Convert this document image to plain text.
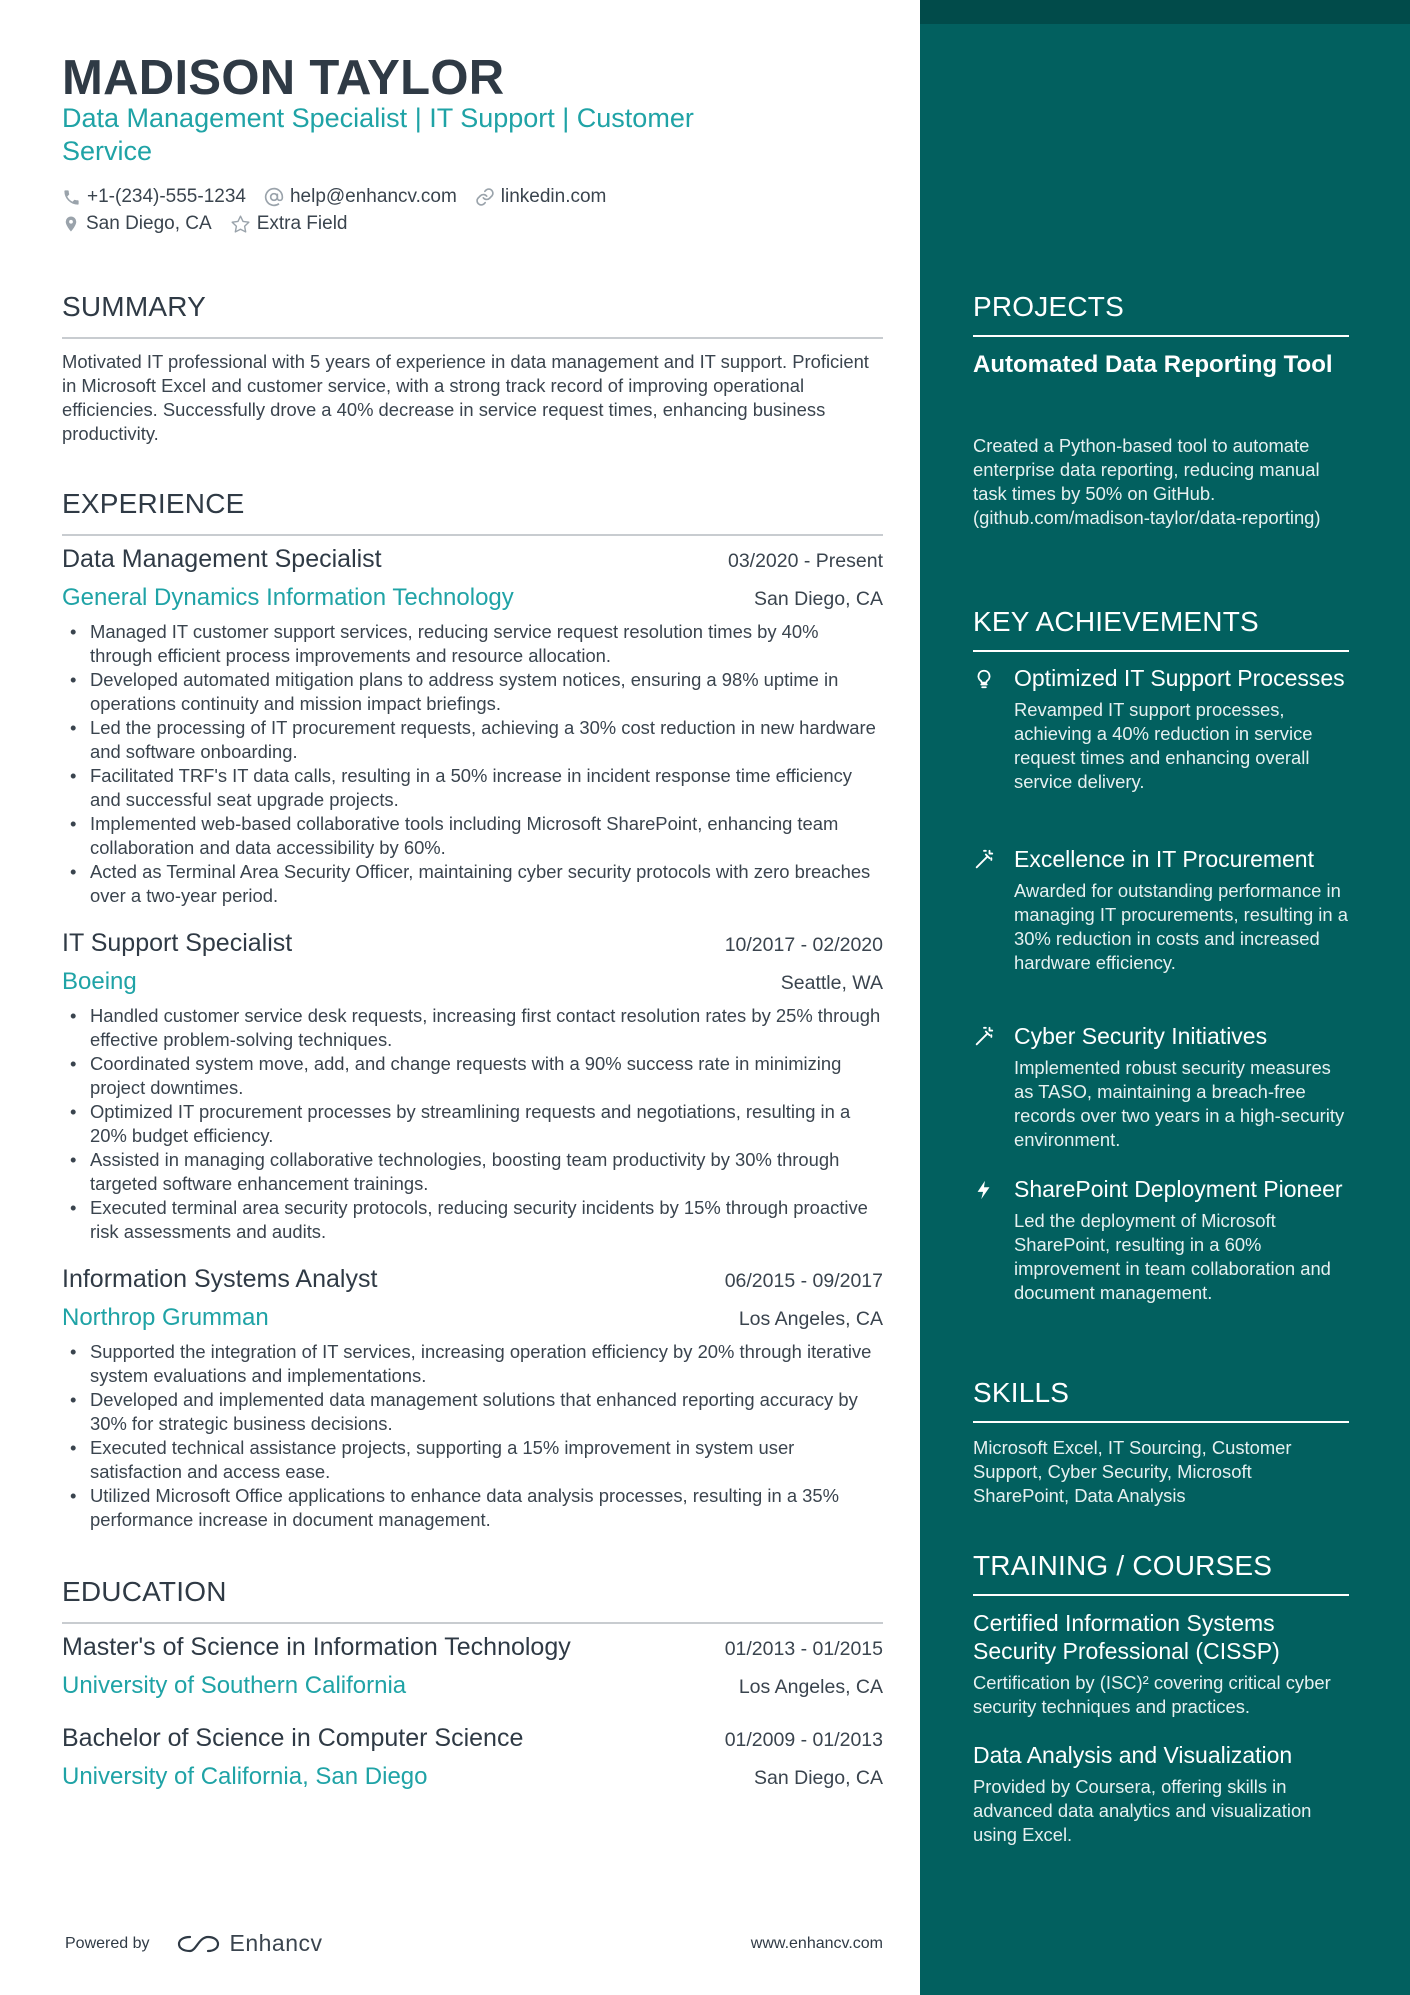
PROJECTS
Automated Data Reporting Tool
Created a Python-based tool to automate enterprise data reporting, reducing manual task times by 50% on GitHub. (github.com/madison-taylor/data-reporting)
KEY ACHIEVEMENTS
Optimized IT Support Processes
Revamped IT support processes, achieving a 40% reduction in service request times and enhancing overall service delivery.
Excellence in IT Procurement
Awarded for outstanding performance in managing IT procurements, resulting in a 30% reduction in costs and increased hardware efficiency.
Cyber Security Initiatives
Implemented robust security measures as TASO, maintaining a breach-free records over two years in a high-security environment.
SharePoint Deployment Pioneer
Led the deployment of Microsoft SharePoint, resulting in a 60% improvement in team collaboration and document management.
SKILLS
Microsoft Excel, IT Sourcing, Customer Support, Cyber Security, Microsoft SharePoint, Data Analysis
TRAINING / COURSES
Certified Information Systems Security Professional (CISSP)
Certification by (ISC)² covering critical cyber security techniques and practices.
Data Analysis and Visualization
Provided by Coursera, offering skills in advanced data analytics and visualization using Excel.
MADISON TAYLOR
Data Management Specialist | IT Support | Customer Service
+1-(234)-555-1234 help@enhancv.com linkedin.com
San Diego, CA Extra Field
SUMMARY
Motivated IT professional with 5 years of experience in data management and IT support. Proficient in Microsoft Excel and customer service, with a strong track record of improving operational efficiencies. Successfully drove a 40% decrease in service request times, enhancing business productivity.
EXPERIENCE
Data Management Specialist	03/2020 - Present
General Dynamics Information Technology	San Diego, CA
• Managed IT customer support services, reducing service request resolution times by 40% through efficient process improvements and resource allocation.
• Developed automated mitigation plans to address system notices, ensuring a 98% uptime in operations continuity and mission impact briefings.
• Led the processing of IT procurement requests, achieving a 30% cost reduction in new hardware and software onboarding.
• Facilitated TRF's IT data calls, resulting in a 50% increase in incident response time efficiency and successful seat upgrade projects.
• Implemented web-based collaborative tools including Microsoft SharePoint, enhancing team collaboration and data accessibility by 60%.
• Acted as Terminal Area Security Officer, maintaining cyber security protocols with zero breaches over a two-year period.
IT Support Specialist	10/2017 - 02/2020
Boeing	Seattle, WA
• Handled customer service desk requests, increasing first contact resolution rates by 25% through effective problem-solving techniques.
• Coordinated system move, add, and change requests with a 90% success rate in minimizing project downtimes.
• Optimized IT procurement processes by streamlining requests and negotiations, resulting in a 20% budget efficiency.
• Assisted in managing collaborative technologies, boosting team productivity by 30% through targeted software enhancement trainings.
• Executed terminal area security protocols, reducing security incidents by 15% through proactive risk assessments and audits.
Information Systems Analyst	06/2015 - 09/2017
Northrop Grumman	Los Angeles, CA
• Supported the integration of IT services, increasing operation efficiency by 20% through iterative system evaluations and implementations.
• Developed and implemented data management solutions that enhanced reporting accuracy by 30% for strategic business decisions.
• Executed technical assistance projects, supporting a 15% improvement in system user satisfaction and access ease.
• Utilized Microsoft Office applications to enhance data analysis processes, resulting in a 35% performance increase in document management.
EDUCATION
Master's of Science in Information Technology	01/2013 - 01/2015
University of Southern California	Los Angeles, CA
Bachelor of Science in Computer Science	01/2009 - 01/2013
University of California, San Diego	San Diego, CA
Powered by	Enhancv	www.enhancv.com
